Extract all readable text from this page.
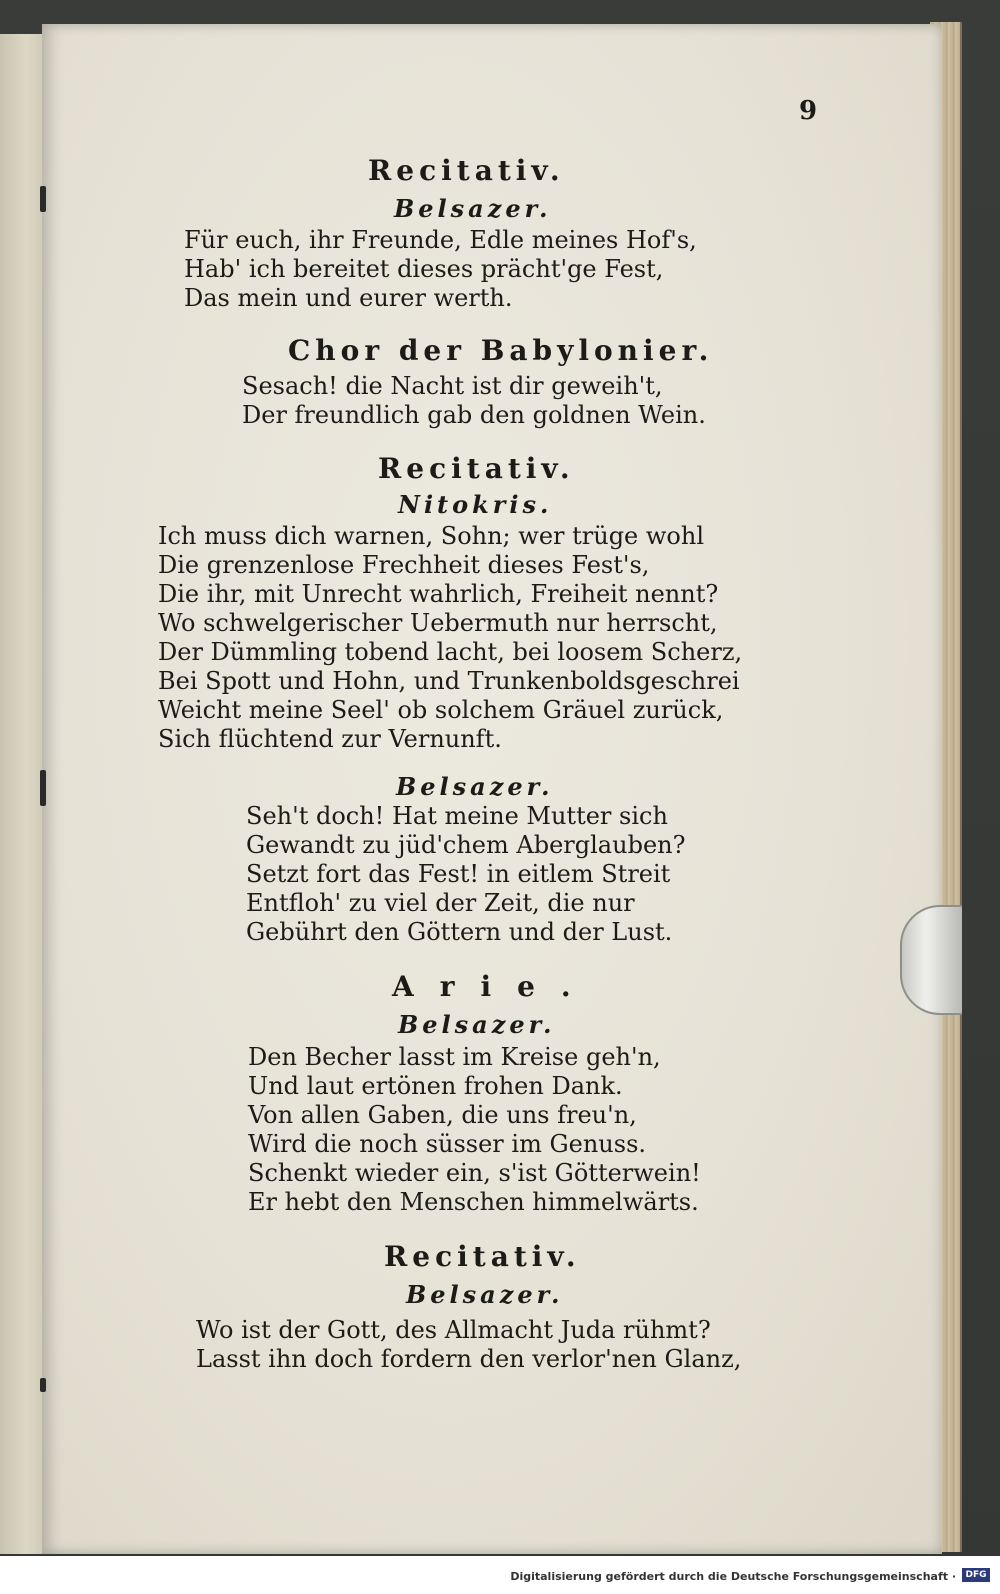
9
Recitativ.
Belsazer.
Für euch, ihr Freunde, Edle meines Hof's,
Hab' ich bereitet dieses prächt'ge Fest,
Das mein und eurer werth.
Chor der Babylonier.
Sesach! die Nacht ist dir geweih't,
Der freundlich gab den goldnen Wein.
Recitativ.
Nitokris.
Ich muss dich warnen, Sohn; wer trüge wohl
Die grenzenlose Frechheit dieses Fest's,
Die ihr, mit Unrecht wahrlich, Freiheit nennt?
Wo schwelgerischer Uebermuth nur herrscht,
Der Dümmling tobend lacht, bei loosem Scherz,
Bei Spott und Hohn, und Trunkenboldsgeschrei
Weicht meine Seel' ob solchem Gräuel zurück,
Sich flüchtend zur Vernunft.
Belsazer.
Seh't doch! Hat meine Mutter sich
Gewandt zu jüd'chem Aberglauben?
Setzt fort das Fest! in eitlem Streit
Entfloh' zu viel der Zeit, die nur
Gebührt den Göttern und der Lust.
Arie.
Belsazer.
Den Becher lasst im Kreise geh'n,
Und laut ertönen frohen Dank.
Von allen Gaben, die uns freu'n,
Wird die noch süsser im Genuss.
Schenkt wieder ein, s'ist Götterwein!
Er hebt den Menschen himmelwärts.
Recitativ.
Belsazer.
Wo ist der Gott, des Allmacht Juda rühmt?
Lasst ihn doch fordern den verlor'nen Glanz,
Digitalisierung gefördert durch die Deutsche Forschungsgemeinschaft ·	DFG
